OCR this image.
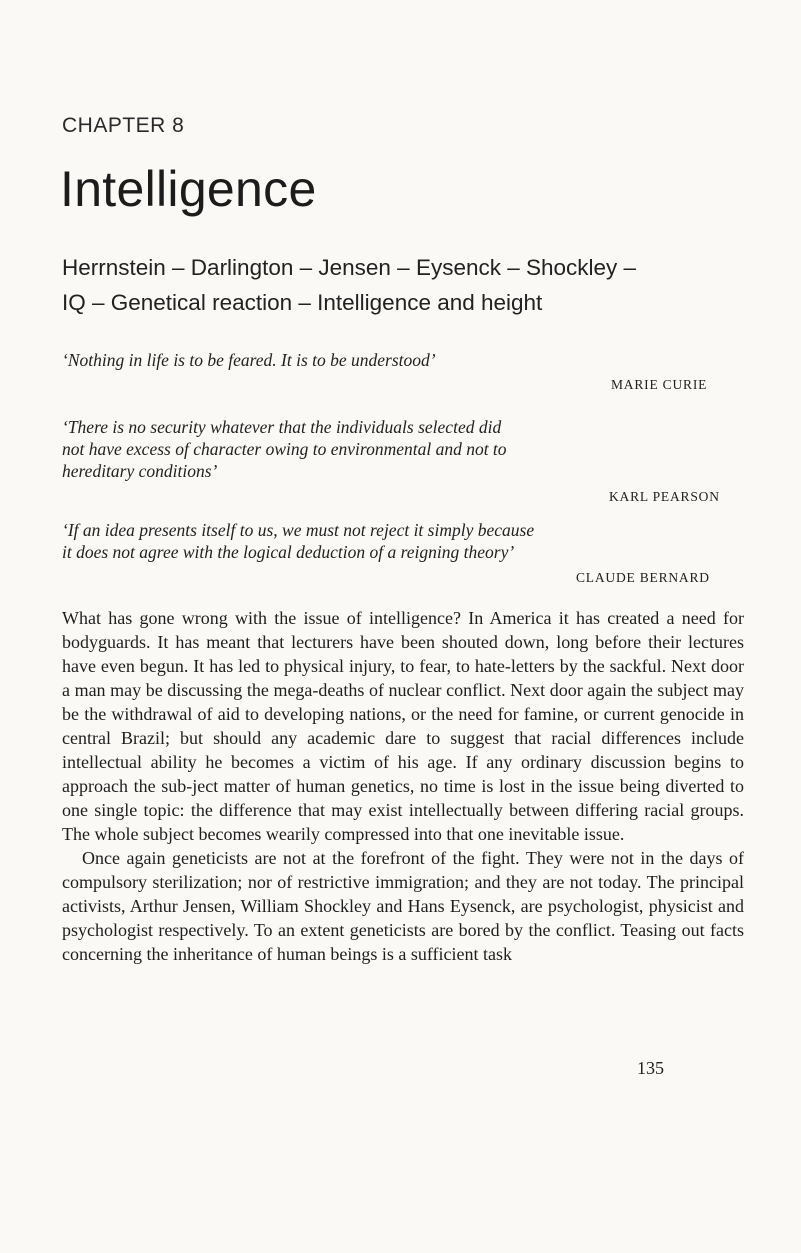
CHAPTER 8
Intelligence
Herrnstein – Darlington – Jensen – Eysenck – Shockley –
IQ – Genetical reaction – Intelligence and height
‘Nothing in life is to be feared. It is to be understood’
MARIE CURIE
‘There is no security whatever that the individuals selected did
not have excess of character owing to environmental and not to
hereditary conditions’
KARL PEARSON
‘If an idea presents itself to us, we must not reject it simply because
it does not agree with the logical deduction of a reigning theory’
CLAUDE BERNARD

What has gone wrong with the issue of intelligence? In America it has created a need for bodyguards. It has meant that lecturers have been shouted down, long before their lectures have even begun. It has led to physical injury, to fear, to hate-letters by the sackful. Next door a man may be discussing the mega-deaths of nuclear conflict. Next door again the subject may be the withdrawal of aid to developing nations, or the need for famine, or current genocide in central Brazil; but should any academic dare to suggest that racial differences include intellectual ability he becomes a victim of his age. If any ordinary discussion begins to approach the sub-ject matter of human genetics, no time is lost in the issue being diverted to one single topic: the difference that may exist intellectually between differing racial groups. The whole subject becomes wearily compressed into that one inevitable issue.

Once again geneticists are not at the forefront of the fight. They were not in the days of compulsory sterilization; nor of restrictive immigration; and they are not today. The principal activists, Arthur Jensen, William Shockley and Hans Eysenck, are psychologist, physicist and psychologist respectively. To an extent geneticists are bored by the conflict. Teasing out facts concerning the inheritance of human beings is a sufficient task

135
